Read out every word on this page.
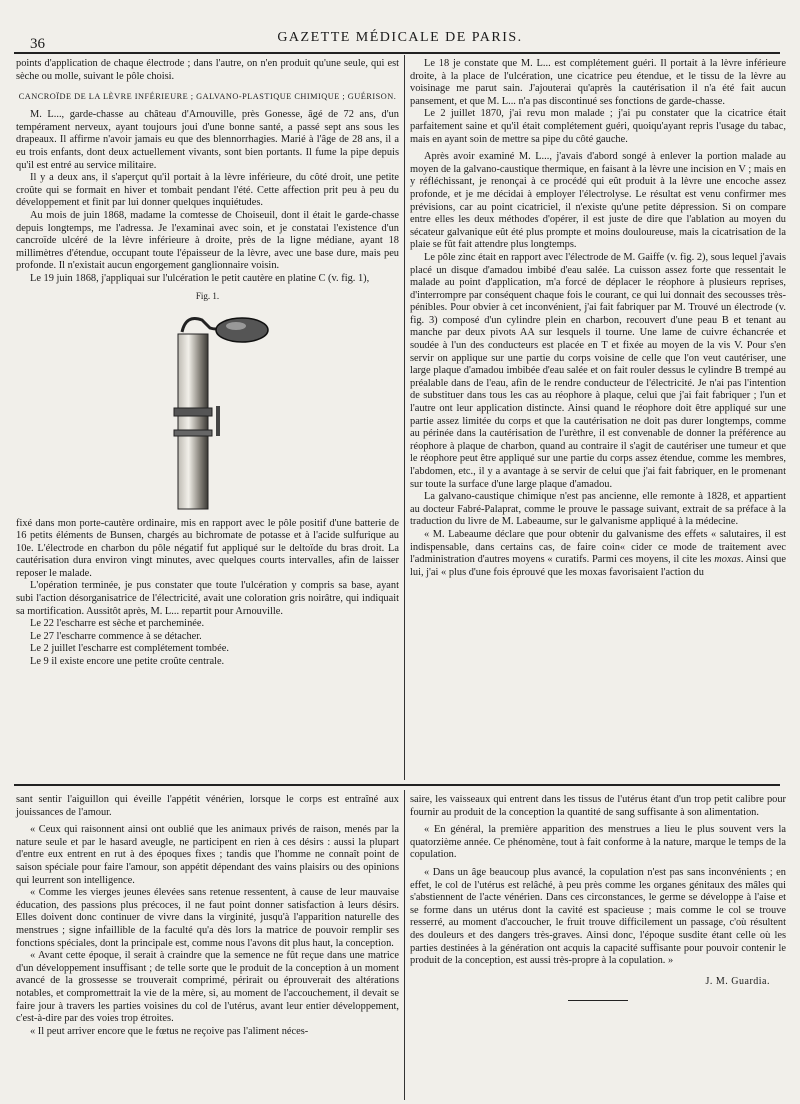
36	GAZETTE MÉDICALE DE PARIS.

points d'application de chaque électrode ; dans l'autre, on n'en produit qu'une seule, qui est sèche ou molle, suivant le pôle choisi.

CANCROÏDE DE LA LÈVRE INFÉRIEURE ; GALVANO-PLASTIQUE CHIMIQUE ; GUÉRISON.

M. L..., garde-chasse au château d'Arnouville, près Gonesse, âgé de 72 ans, d'un tempérament nerveux, ayant toujours joui d'une bonne santé, a passé sept ans sous les drapeaux. Il affirme n'avoir jamais eu que des blennorrhagies. Marié à l'âge de 28 ans, il a eu trois enfants, dont deux actuellement vivants, sont bien portants. Il fume la pipe depuis qu'il est entré au service militaire.

Il y a deux ans, il s'aperçut qu'il portait à la lèvre inférieure, du côté droit, une petite croûte qui se formait en hiver et tombait pendant l'été. Cette affection prit peu à peu du développement et finit par lui donner quelques inquiétudes.

Au mois de juin 1868, madame la comtesse de Choiseuil, dont il était le garde-chasse depuis longtemps, me l'adressa. Je l'examinai avec soin, et je constatai l'existence d'un cancroïde ulcéré de la lèvre inférieure à droite, près de la ligne médiane, ayant 18 millimètres d'étendue, occupant toute l'épaisseur de la lèvre, avec une base dure, mais peu profonde. Il n'existait aucun engorgement ganglionnaire voisin.

Le 19 juin 1868, j'appliquai sur l'ulcération le petit cautère en platine C (v. fig. 1),

Fig. 1.

fixé dans mon porte-cautère ordinaire, mis en rapport avec le pôle positif d'une batterie de 16 petits éléments de Bunsen, chargés au bichromate de potasse et à l'acide sulfurique au 10e. L'électrode en charbon du pôle négatif fut appliqué sur le deltoïde du bras droit. La cautérisation dura environ vingt minutes, avec quelques courts intervalles, afin de laisser reposer le malade.

L'opération terminée, je pus constater que toute l'ulcération y compris sa base, ayant subi l'action désorganisatrice de l'électricité, avait une coloration gris noirâtre, qui indiquait sa mortification. Aussitôt après, M. L... repartit pour Arnouville.

Le 22 l'escharre est sèche et parcheminée.

Le 27 l'escharre commence à se détacher.

Le 2 juillet l'escharre est complétement tombée.

Le 9 il existe encore une petite croûte centrale.

Le 18 je constate que M. L... est complétement guéri. Il portait à la lèvre inférieure droite, à la place de l'ulcération, une cicatrice peu étendue, et le tissu de la lèvre au voisinage me parut sain. J'ajouterai qu'après la cautérisation il n'a été fait aucun pansement, et que M. L... n'a pas discontinué ses fonctions de garde-chasse.

Le 2 juillet 1870, j'ai revu mon malade ; j'ai pu constater que la cicatrice était parfaitement saine et qu'il était complétement guéri, quoiqu'ayant repris l'usage du tabac, mais en ayant soin de mettre sa pipe du côté gauche.

Après avoir examiné M. L..., j'avais d'abord songé à enlever la portion malade au moyen de la galvano-caustique thermique, en faisant à la lèvre une incision en V ; mais en y réfléchissant, je renonçai à ce procédé qui eût produit à la lèvre une encoche assez profonde, et je me décidai à employer l'électrolyse. Le résultat est venu confirmer mes prévisions, car au point cicatriciel, il n'existe qu'une petite dépression. Si on compare entre elles les deux méthodes d'opérer, il est juste de dire que l'ablation au moyen du sécateur galvanique eût été plus prompte et moins douloureuse, mais la cicatrisation de la plaie se fût fait attendre plus longtemps.

Le pôle zinc était en rapport avec l'électrode de M. Gaiffe (v. fig. 2), sous lequel j'avais placé un disque d'amadou imbibé d'eau salée. La cuisson assez forte que ressentait le malade au point d'application, m'a forcé de déplacer le réophore à plusieurs reprises, d'interrompre par conséquent chaque fois le courant, ce qui lui donnait des secousses très-pénibles. Pour obvier à cet inconvénient, j'ai fait fabriquer par M. Trouvé un électrode (v. fig. 3) composé d'un cylindre plein en charbon, recouvert d'une peau B et tenant au manche par deux pivots AA sur lesquels il tourne. Une lame de cuivre échancrée et soudée à l'un des conducteurs est placée en T et fixée au moyen de la vis V. Pour s'en servir on applique sur une partie du corps voisine de celle que l'on veut cautériser, une large plaque d'amadou imbibée d'eau salée et on fait rouler dessus le cylindre B trempé au préalable dans de l'eau, afin de le rendre conducteur de l'électricité. Je n'ai pas l'intention de substituer dans tous les cas au réophore à plaque, celui que j'ai fait fabriquer ; l'un et l'autre ont leur application distincte. Ainsi quand le réophore doit être appliqué sur une partie assez limitée du corps et que la cautérisation ne doit pas durer longtemps, comme au périnée dans la cautérisation de l'urèthre, il est convenable de donner la préférence au réophore à plaque de charbon, quand au contraire il s'agit de cautériser une tumeur et que le réophore peut être appliqué sur une partie du corps assez étendue, comme les membres, l'abdomen, etc., il y a avantage à se servir de celui que j'ai fait fabriquer, en le promenant sur toute la surface d'une large plaque d'amadou.

La galvano-caustique chimique n'est pas ancienne, elle remonte à 1828, et appartient au docteur Fabré-Palaprat, comme le prouve le passage suivant, extrait de sa préface à la traduction du livre de M. Labeaume, sur le galvanisme appliqué à la médecine.

« M. Labeaume déclare que pour obtenir du galvanisme des effets « salutaires, il est indispensable, dans certains cas, de faire coin« cider ce mode de traitement avec l'administration d'autres moyens « curatifs. Parmi ces moyens, il cite les moxas. Ainsi que lui, j'ai « plus d'une fois éprouvé que les moxas favorisaient l'action du

sant sentir l'aiguillon qui éveille l'appétit vénérien, lorsque le corps est entraîné aux jouissances de l'amour.

« Ceux qui raisonnent ainsi ont oublié que les animaux privés de raison, menés par la nature seule et par le hasard aveugle, ne participent en rien à ces désirs : aussi la plupart d'entre eux entrent en rut à des époques fixes ; tandis que l'homme ne connaît point de saison spéciale pour faire l'amour, son appétit dépendant des vains plaisirs ou des opinions qui leurrent son intelligence.

« Comme les vierges jeunes élevées sans retenue ressentent, à cause de leur mauvaise éducation, des passions plus précoces, il ne faut point donner satisfaction à leurs désirs. Elles doivent donc continuer de vivre dans la virginité, jusqu'à l'apparition naturelle des menstrues ; signe infaillible de la faculté qu'a dès lors la matrice de pouvoir remplir ses fonctions spéciales, dont la principale est, comme nous l'avons dit plus haut, la conception.

« Avant cette époque, il serait à craindre que la semence ne fût reçue dans une matrice d'un développement insuffisant ; de telle sorte que le produit de la conception à un moment avancé de la grossesse se trouverait comprimé, périrait ou éprouverait des altérations notables, et compromettrait la vie de la mère, si, au moment de l'accouchement, il devait se faire jour à travers les parties voisines du col de l'utérus, avant leur entier développement, c'est-à-dire par des voies trop étroites.

« Il peut arriver encore que le fœtus ne reçoive pas l'aliment néces-

saire, les vaisseaux qui entrent dans les tissus de l'utérus étant d'un trop petit calibre pour fournir au produit de la conception la quantité de sang suffisante à son alimentation.

« En général, la première apparition des menstrues a lieu le plus souvent vers la quatorzième année. Ce phénomène, tout à fait conforme à la nature, marque le temps de la copulation.

« Dans un âge beaucoup plus avancé, la copulation n'est pas sans inconvénients ; en effet, le col de l'utérus est relâché, à peu près comme les organes génitaux des mâles qui s'abstiennent de l'acte vénérien. Dans ces circonstances, le germe se développe à l'aise et se forme dans un utérus dont la cavité est spacieuse ; mais comme le col se trouve resserré, au moment d'accoucher, le fruit trouve difficilement un passage, c'où résultent des douleurs et des dangers très-graves. Ainsi donc, l'époque susdite étant celle où les parties destinées à la génération ont acquis la capacité suffisante pour pouvoir contenir le produit de la conception, est aussi très-propre à la copulation. »

J. M. Guardia.
